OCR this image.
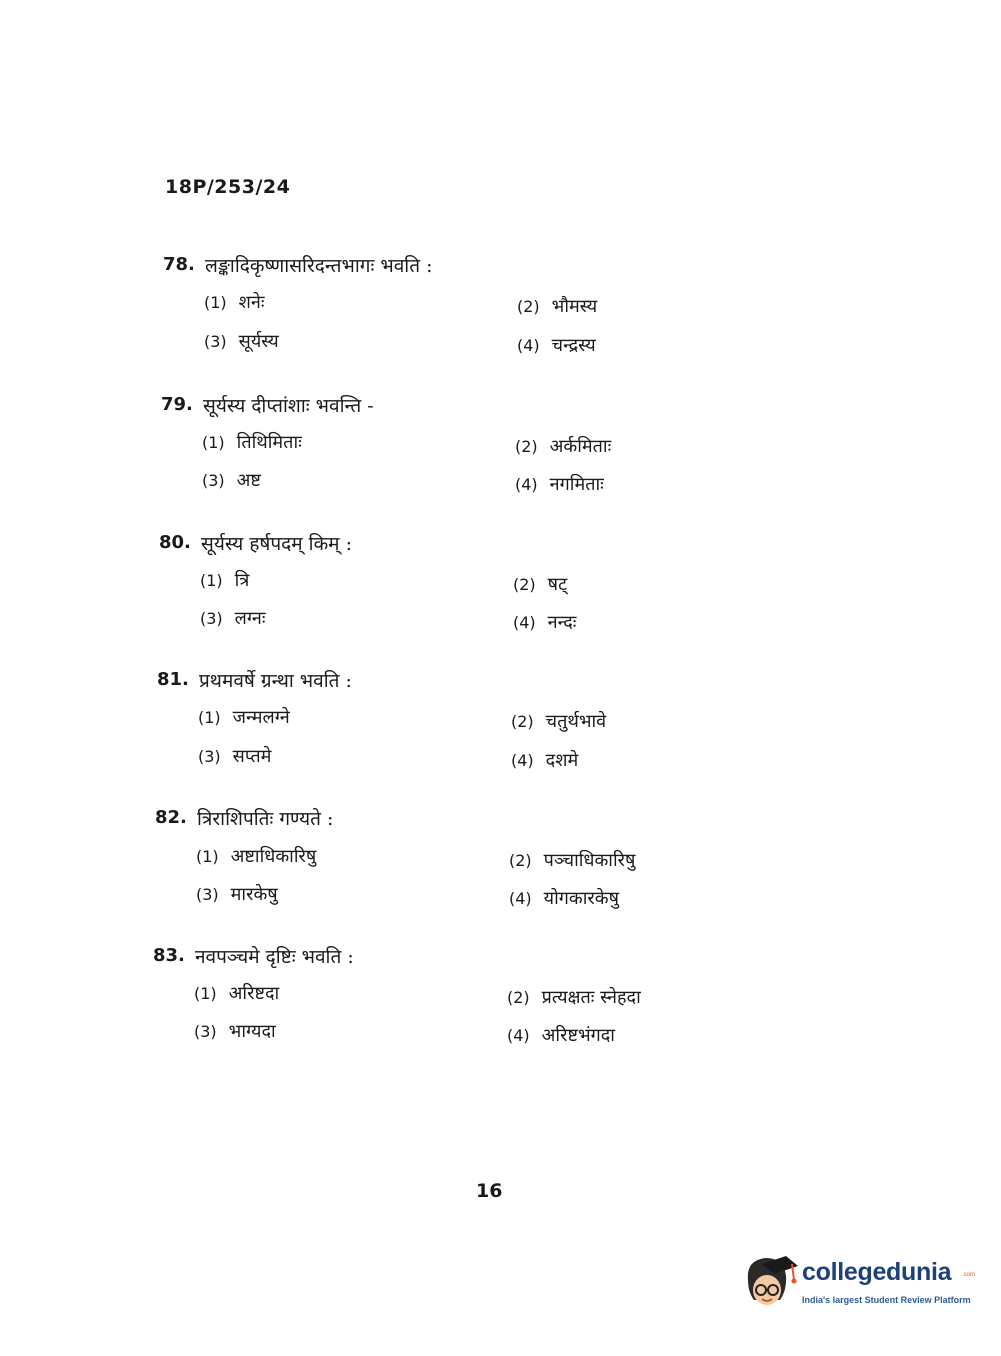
18P/253/24
78. लङ्कादिकृष्णासरिदन्तभागः भवति :
(1) शनेः	(2) भौमस्य
(3) सूर्यस्य	(4) चन्द्रस्य
79. सूर्यस्य दीप्तांशाः भवन्ति -
(1) तिथिमिताः	(2) अर्कमिताः
(3) अष्ट	(4) नगमिताः
80. सूर्यस्य हर्षपदम् किम् :
(1) त्रि	(2) षट्
(3) लग्नः	(4) नन्दः
81. प्रथमवर्षे ग्रन्था भवति :
(1) जन्मलग्ने	(2) चतुर्थभावे
(3) सप्तमे	(4) दशमे
82. त्रिराशिपतिः गण्यते :
(1) अष्टाधिकारिषु	(2) पञ्चाधिकारिषु
(3) मारकेषु	(4) योगकारकेषु
83. नवपञ्चमे दृष्टिः भवति :
(1) अरिष्टदा	(2) प्रत्यक्षतः स्नेहदा
(3) भाग्यदा	(4) अरिष्टभंगदा
16
collegedunia .com
India's largest Student Review Platform
